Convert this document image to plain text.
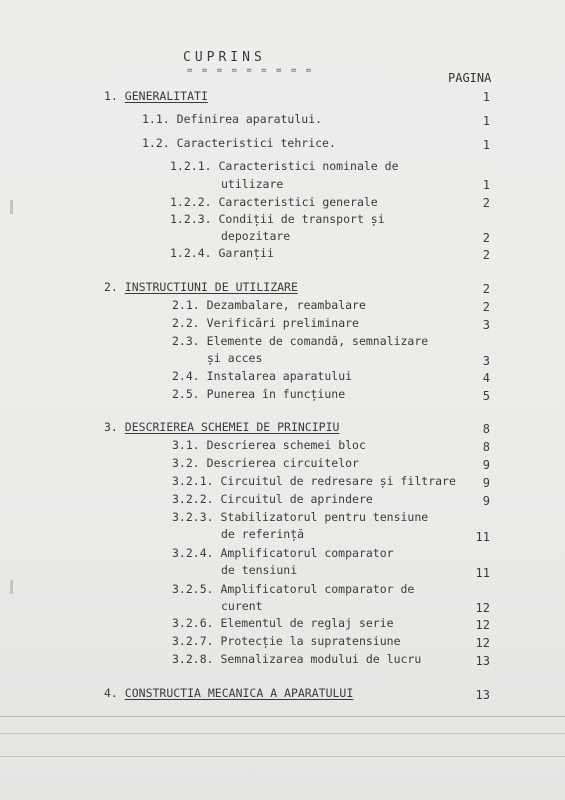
CUPRINS
= = = = = = = = =	PAGINA
1. GENERALITATI	1
1.1. Definirea aparatului.	1
1.2. Caracteristici tehrice.	1
1.2.1. Caracteristici nominale de
utilizare	1
1.2.2. Caracteristici generale	2
1.2.3. Condiții de transport și
depozitare	2
1.2.4. Garanții	2
2. INSTRUCTIUNI DE UTILIZARE	2
2.1. Dezambalare, reambalare	2
2.2. Verificări preliminare	3
2.3. Elemente de comandă, semnalizare
și acces	3
2.4. Instalarea aparatului	4
2.5. Punerea în funcțiune	5
3. DESCRIEREA SCHEMEI DE PRINCIPIU	8
3.1. Descrierea schemei bloc	8
3.2. Descrierea circuitelor	9
3.2.1. Circuitul de redresare și filtrare	9
3.2.2. Circuitul de aprindere	9
3.2.3. Stabilizatorul pentru tensiune
de referință	11
3.2.4. Amplificatorul comparator
de tensiuni	11
3.2.5. Amplificatorul comparator de
curent	12
3.2.6. Elementul de reglaj serie	12
3.2.7. Protecție la supratensiune	12
3.2.8. Semnalizarea modului de lucru	13
4. CONSTRUCTIA MECANICA A APARATULUI	13
